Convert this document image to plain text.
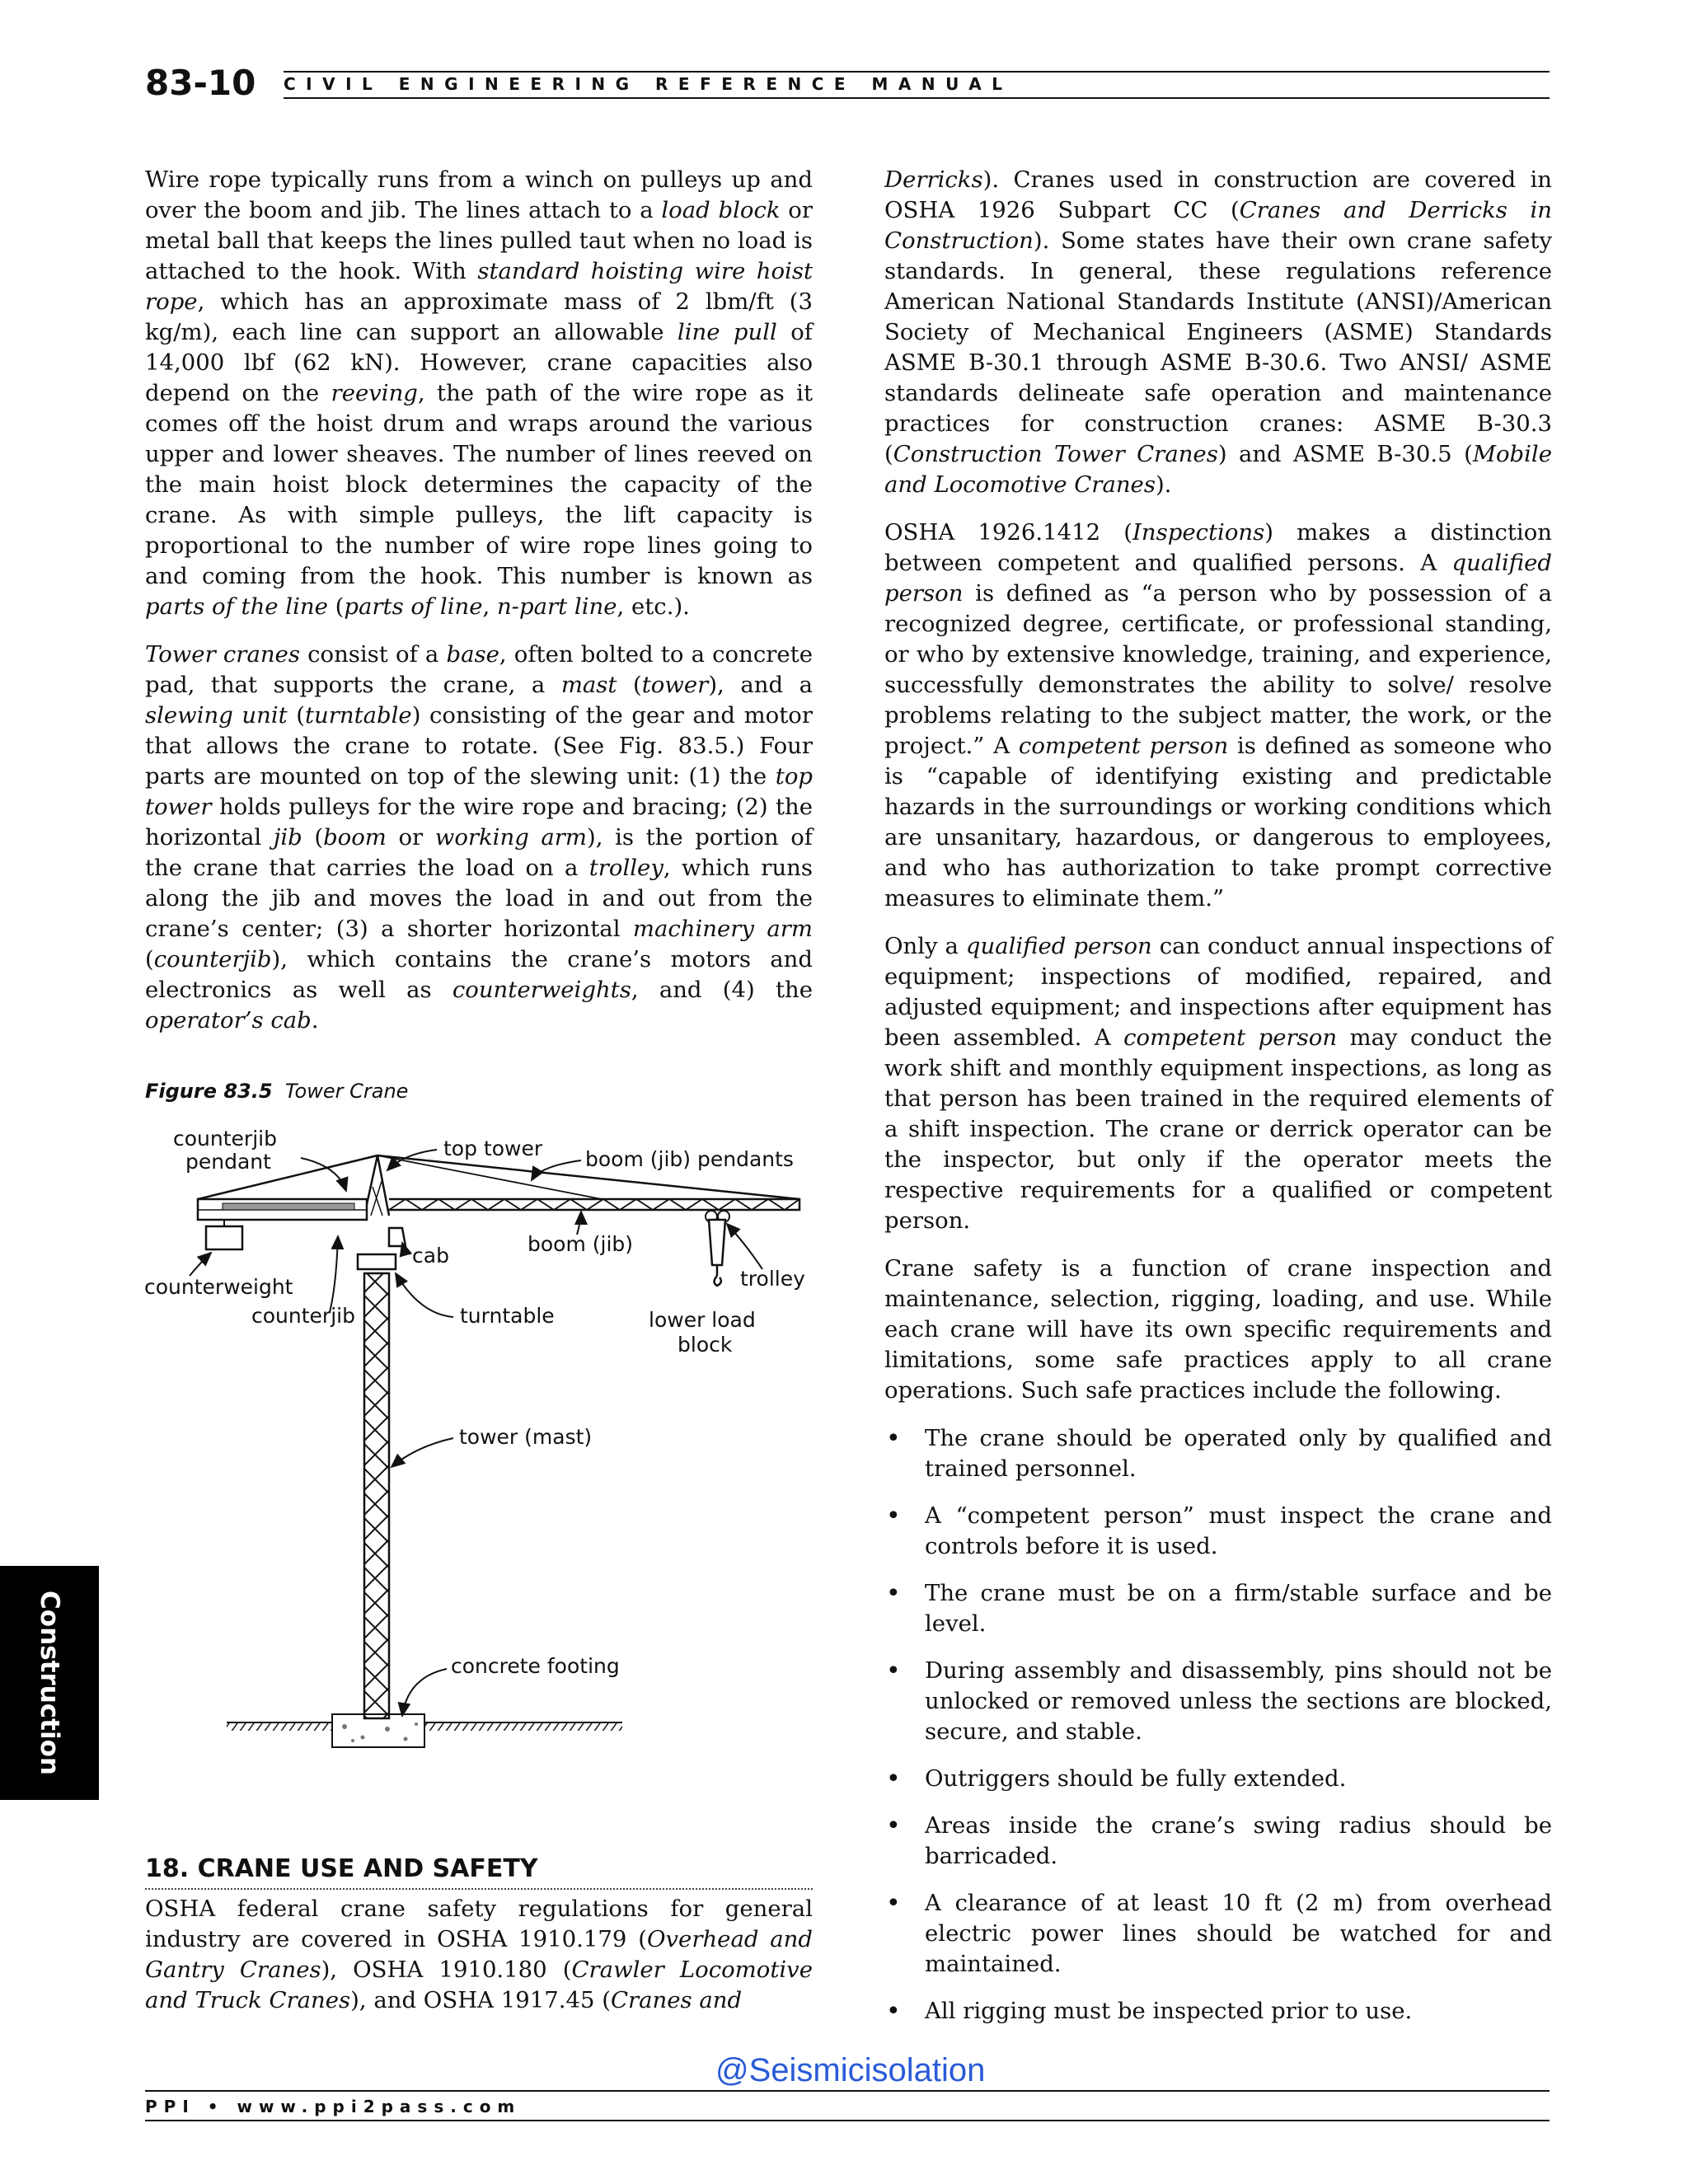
83-10 CIVIL ENGINEERING REFERENCE MANUAL

Wire rope typically runs from a winch on pulleys up and over the boom and jib. The lines attach to a load block or metal ball that keeps the lines pulled taut when no load is attached to the hook. With standard hoisting wire hoist rope, which has an approximate mass of 2 lbm/ft (3 kg/m), each line can support an allowable line pull of 14,000 lbf (62 kN). However, crane capacities also depend on the reeving, the path of the wire rope as it comes off the hoist drum and wraps around the various upper and lower sheaves. The number of lines reeved on the main hoist block determines the capacity of the crane. As with simple pulleys, the lift capacity is proportional to the number of wire rope lines going to and coming from the hook. This number is known as parts of the line (parts of line, n-part line, etc.).

Tower cranes consist of a base, often bolted to a concrete pad, that supports the crane, a mast (tower), and a slewing unit (turntable) consisting of the gear and motor that allows the crane to rotate. (See Fig. 83.5.) Four parts are mounted on top of the slewing unit: (1) the top tower holds pulleys for the wire rope and bracing; (2) the horizontal jib (boom or working arm), is the portion of the crane that carries the load on a trolley, which runs along the jib and moves the load in and out from the crane’s center; (3) a shorter horizontal machinery arm (counterjib), which contains the crane’s motors and electronics as well as counterweights, and (4) the operator’s cab.

Figure 83.5 Tower Crane
counterjib
pendant
top tower boom (jib) pendants
cab	boom (jib)
trolley
counterweight
counterjib	turntable	lower load
block
tower (mast)
concrete footing
18. CRANE USE AND SAFETY

OSHA federal crane safety regulations for general industry are covered in OSHA 1910.179 (Overhead and Gantry Cranes), OSHA 1910.180 (Crawler Locomotive and Truck Cranes), and OSHA 1917.45 (Cranes and

Derricks). Cranes used in construction are covered in OSHA 1926 Subpart CC (Cranes and Derricks in Construction). Some states have their own crane safety standards. In general, these regulations reference American National Standards Institute (ANSI)/American Society of Mechanical Engineers (ASME) Standards ASME B-30.1 through ASME B-30.6. Two ANSI/ ASME standards delineate safe operation and maintenance practices for construction cranes: ASME B-30.3 (Construction Tower Cranes) and ASME B-30.5 (Mobile and Locomotive Cranes).

OSHA 1926.1412 (Inspections) makes a distinction between competent and qualified persons. A qualified person is defined as “a person who by possession of a recognized degree, certificate, or professional standing, or who by extensive knowledge, training, and experience, successfully demonstrates the ability to solve/ resolve problems relating to the subject matter, the work, or the project.” A competent person is defined as someone who is “capable of identifying existing and predictable hazards in the surroundings or working conditions which are unsanitary, hazardous, or dangerous to employees, and who has authorization to take prompt corrective measures to eliminate them.”

Only a qualified person can conduct annual inspections of equipment; inspections of modified, repaired, and adjusted equipment; and inspections after equipment has been assembled. A competent person may conduct the work shift and monthly equipment inspections, as long as that person has been trained in the required elements of a shift inspection. The crane or derrick operator can be the inspector, but only if the operator meets the respective requirements for a qualified or competent person.

Crane safety is a function of crane inspection and maintenance, selection, rigging, loading, and use. While each crane will have its own specific requirements and limitations, some safe practices apply to all crane operations. Such safe practices include the following.

• The crane should be operated only by qualified and trained personnel.
• A “competent person” must inspect the crane and controls before it is used.
• The crane must be on a firm/stable surface and be level.
• During assembly and disassembly, pins should not be unlocked or removed unless the sections are blocked, secure, and stable.
• Outriggers should be fully extended.
• Areas inside the crane’s swing radius should be barricaded.
• A clearance of at least 10 ft (2 m) from overhead electric power lines should be watched for and maintained.
• All rigging must be inspected prior to use.
Construction
@Seismicisolation
PPI • www.ppi2pass.com
